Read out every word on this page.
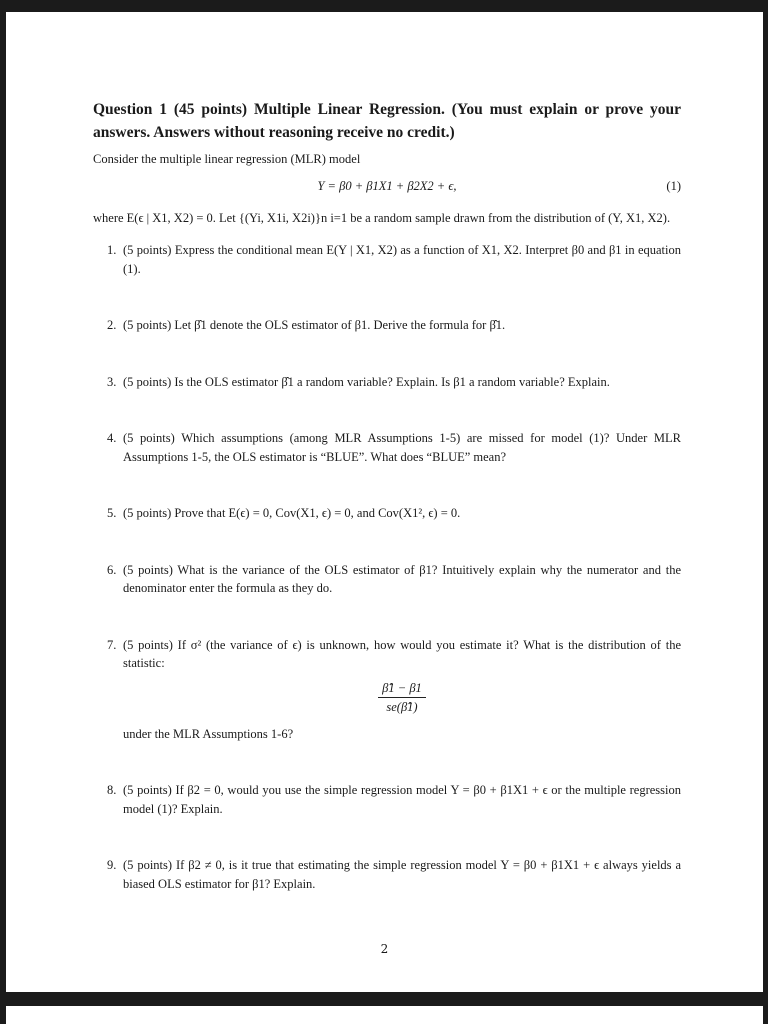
Question 1 (45 points) Multiple Linear Regression. (You must explain or prove your answers. Answers without reasoning receive no credit.)

Consider the multiple linear regression (MLR) model
Y = β0 + β1X1 + β2X2 + ϵ,	(1)
where E(ϵ | X1, X2) = 0. Let {(Yi, X1i, X2i)}n i=1 be a random sample drawn from the distribution of (Y, X1, X2).
1. (5 points) Express the conditional mean E(Y | X1, X2) as a function of X1, X2. Interpret β0 and β1 in equation (1).
2. (5 points) Let β̂1 denote the OLS estimator of β1. Derive the formula for β̂1.
3. (5 points) Is the OLS estimator β̂1 a random variable? Explain. Is β1 a random variable? Explain.
4. (5 points) Which assumptions (among MLR Assumptions 1-5) are missed for model (1)? Under MLR Assumptions 1-5, the OLS estimator is “BLUE”. What does “BLUE” mean?
5. (5 points) Prove that E(ϵ) = 0, Cov(X1, ϵ) = 0, and Cov(X1², ϵ) = 0.
6. (5 points) What is the variance of the OLS estimator of β1? Intuitively explain why the numerator and the denominator enter the formula as they do.
7. (5 points) If σ² (the variance of ϵ) is unknown, how would you estimate it? What is the distribution of the statistic:
$\frac{\betâ1 - \beta 1}{se(\betâ1)}$
under the MLR Assumptions 1-6?
8. (5 points) If β2 = 0, would you use the simple regression model Y = β0 + β1X1 + ϵ or the multiple regression model (1)? Explain.
9. (5 points) If β2 ≠ 0, is it true that estimating the simple regression model Y = β0 + β1X1 + ϵ always yields a biased OLS estimator for β1? Explain.
2
